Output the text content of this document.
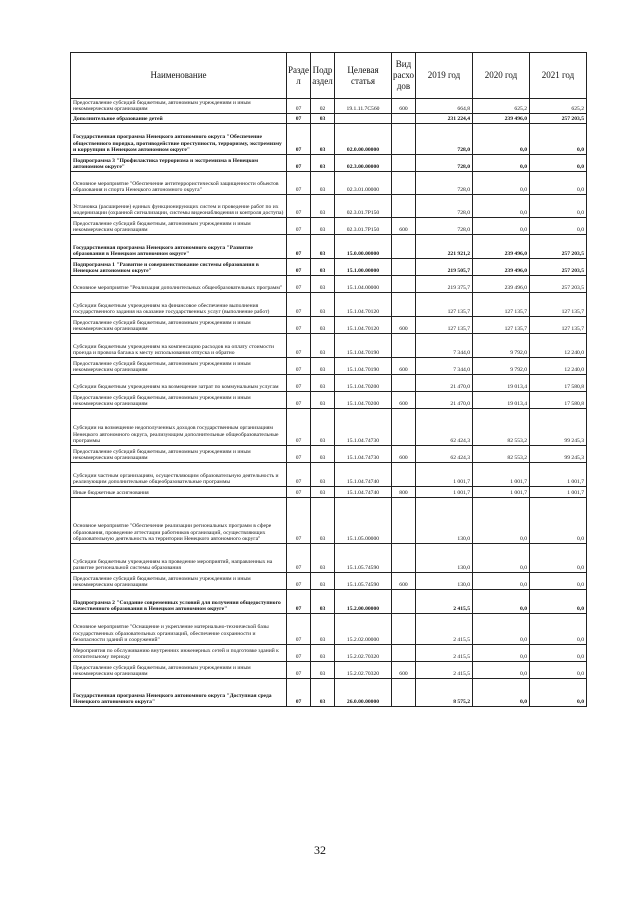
Наименование	Разде л	Подр аздел	Целевая статья	Вид расхо дов	2019 год	2020 год	2021 год
Предоставление субсидий бюджетным, автономным учреждениям и иным некоммерческим организациям	07	02	19.1.11.7С560	600	664,8	625,2	625,2
Дополнительное образование детей	07	03			231 224,4	239 496,0	257 203,5
Государственная программа Ненецкого автономного округа "Обеспечение общественного порядка, противодействие преступности, терроризму, экстремизму и коррупции в Ненецком автономном округе"	07	03	02.0.00.00000		728,0	0,0	0,0
Подпрограмма 3 "Профилактика терроризма и экстремизма в Ненецком автономном округе"	07	03	02.3.00.00000		728,0	0,0	0,0
Основное мероприятие "Обеспечение антитеррористической защищенности объектов образования и спорта Ненецкого автономного округа"	07	03	02.3.01.00000		728,0	0,0	0,0
Установка (расширение) единых функционирующих систем и проведение работ по их модернизации (охранной сигнализации, системы видеонаблюдения и контроля доступа)	07	03	02.3.01.7Р150		728,0	0,0	0,0
Предоставление субсидий бюджетным, автономным учреждениям и иным некоммерческим организациям	07	03	02.3.01.7Р150	600	728,0	0,0	0,0
Государственная программа Ненецкого автономного округа "Развитие образования в Ненецком автономном округе"	07	03	15.0.00.00000		221 921,2	239 496,0	257 203,5
Подпрограмма 1 "Развитие и совершенствование системы образования в Ненецком автономном округе"	07	03	15.1.00.00000		219 505,7	239 496,0	257 203,5
Основное мероприятие "Реализация дополнительных общеобразовательных программ"	07	03	15.1.04.00000		219 375,7	239 496,0	257 203,5
Субсидии бюджетным учреждениям на финансовое обеспечение выполнения государственного задания на оказание государственных услуг (выполнение работ)	07	03	15.1.04.70120		127 135,7	127 135,7	127 135,7
Предоставление субсидий бюджетным, автономным учреждениям и иным некоммерческим организациям	07	03	15.1.04.70120	600	127 135,7	127 135,7	127 135,7
Субсидии бюджетным учреждениям на компенсацию расходов на оплату стоимости проезда и провоза багажа к месту использования отпуска и обратно	07	03	15.1.04.70190		7 344,0	9 792,0	12 240,0
Предоставление субсидий бюджетным, автономным учреждениям и иным некоммерческим организациям	07	03	15.1.04.70190	600	7 344,0	9 792,0	12 240,0
Субсидии бюджетным учреждениям на возмещение затрат по коммунальным услугам	07	03	15.1.04.70200		21 470,0	19 013,4	17 580,8
Предоставление субсидий бюджетным, автономным учреждениям и иным некоммерческим организациям	07	03	15.1.04.70200	600	21 470,0	19 013,4	17 580,8
Субсидии на возмещение недополученных доходов государственным организациям Ненецкого автономного округа, реализующим дополнительные общеобразовательные программы	07	03	15.1.04.74730		62 424,3	82 553,2	99 245,3
Предоставление субсидий бюджетным, автономным учреждениям и иным некоммерческим организациям	07	03	15.1.04.74730	600	62 424,3	82 553,2	99 245,3
Субсидии частным организациям, осуществляющим образовательную деятельность и реализующим дополнительные общеобразовательные программы	07	03	15.1.04.74740		1 001,7	1 001,7	1 001,7
Иные бюджетные ассигнования	07	03	15.1.04.74740	800	1 001,7	1 001,7	1 001,7
Основное мероприятие "Обеспечение реализации региональных программ в сфере образования, проведение аттестации работников организаций, осуществляющих образовательную деятельность на территории Ненецкого автономного округа"	07	03	15.1.05.00000		130,0	0,0	0,0
Субсидии бюджетным учреждениям на проведение мероприятий, направленных на развитие региональной системы образования	07	03	15.1.05.74590		130,0	0,0	0,0
Предоставление субсидий бюджетным, автономным учреждениям и иным некоммерческим организациям	07	03	15.1.05.74590	600	130,0	0,0	0,0
Подпрограмма 2 "Создание современных условий для получения общедоступного качественного образования в Ненецком автономном округе"	07	03	15.2.00.00000		2 415,5	0,0	0,0
Основное мероприятие "Оснащение и укрепление материально-технической базы государственных образовательных организаций, обеспечение сохранности и безопасности зданий и сооружений"	07	03	15.2.02.00000		2 415,5	0,0	0,0
Мероприятия по обслуживанию внутренних инженерных сетей и подготовке зданий к отопительному периоду	07	03	15.2.02.70320		2 415,5	0,0	0,0
Предоставление субсидий бюджетным, автономным учреждениям и иным некоммерческим организациям	07	03	15.2.02.70320	600	2 415,5	0,0	0,0
Государственная программа Ненецкого автономного округа "Доступная среда Ненецкого автономного округа"	07	03	26.0.00.00000		8 575,2	0,0	0,0
32
